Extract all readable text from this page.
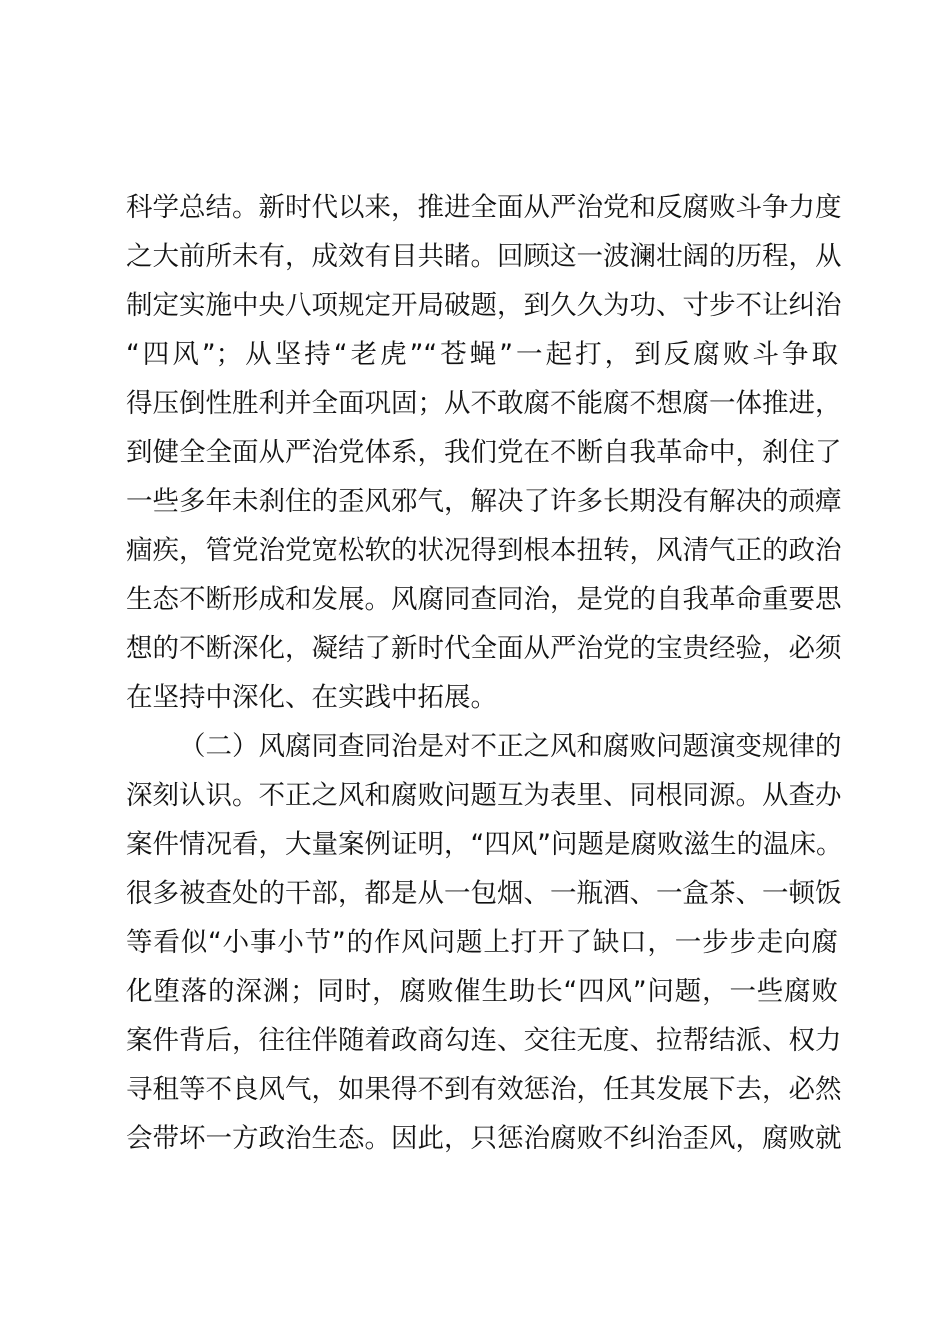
科学总结。新时代以来，推进全面从严治党和反腐败斗争力度
之大前所未有，成效有目共睹。回顾这一波澜壮阔的历程，从
制定实施中央八项规定开局破题，到久久为功、寸步不让纠治
“四风”；从坚持“老虎”“苍蝇”一起打，到反腐败斗争取
得压倒性胜利并全面巩固；从不敢腐不能腐不想腐一体推进，
到健全全面从严治党体系，我们党在不断自我革命中，刹住了
一些多年未刹住的歪风邪气，解决了许多长期没有解决的顽瘴
痼疾，管党治党宽松软的状况得到根本扭转，风清气正的政治
生态不断形成和发展。风腐同查同治，是党的自我革命重要思
想的不断深化，凝结了新时代全面从严治党的宝贵经验，必须
在坚持中深化、在实践中拓展。
（二）风腐同查同治是对不正之风和腐败问题演变规律的
深刻认识。不正之风和腐败问题互为表里、同根同源。从查办
案件情况看，大量案例证明，“四风”问题是腐败滋生的温床。
很多被查处的干部，都是从一包烟、一瓶酒、一盒茶、一顿饭
等看似“小事小节”的作风问题上打开了缺口，一步步走向腐
化堕落的深渊；同时，腐败催生助长“四风”问题，一些腐败
案件背后，往往伴随着政商勾连、交往无度、拉帮结派、权力
寻租等不良风气，如果得不到有效惩治，任其发展下去，必然
会带坏一方政治生态。因此，只惩治腐败不纠治歪风，腐败就
